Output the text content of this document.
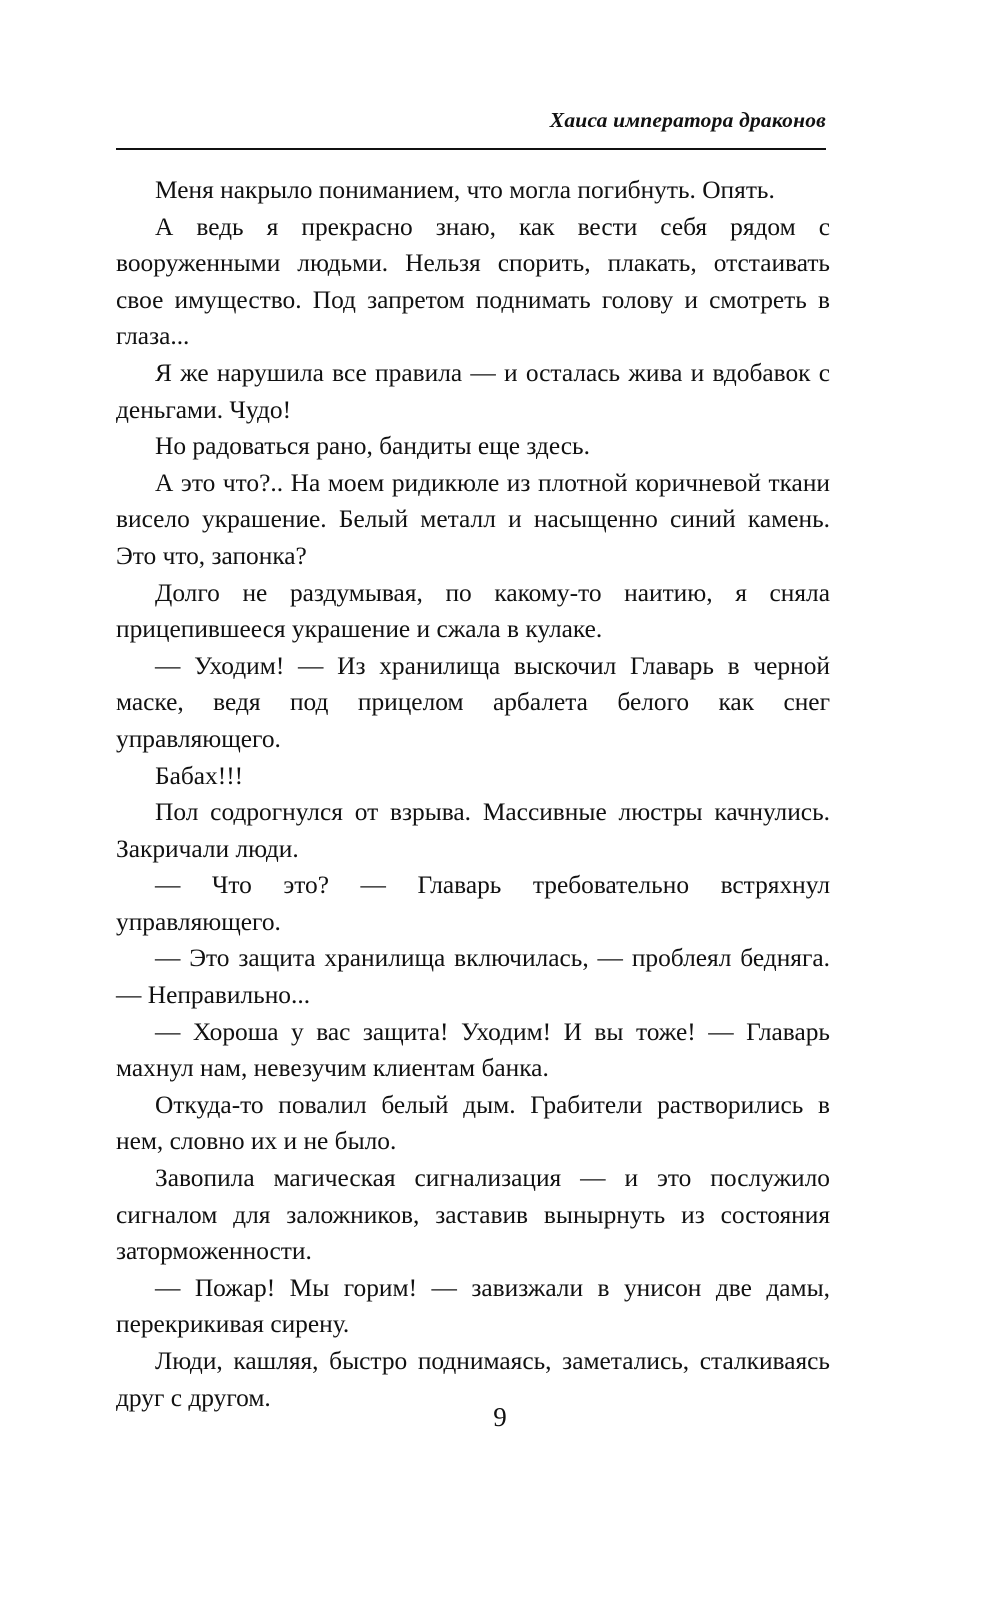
Хаиса императора драконов

Меня накрыло пониманием, что могла погибнуть. Опять.

А ведь я прекрасно знаю, как вести себя рядом с вооруженными людьми. Нельзя спорить, плакать, отстаивать свое имущество. Под запретом поднимать голову и смотреть в глаза...

Я же нарушила все правила — и осталась жива и вдобавок с деньгами. Чудо!

Но радоваться рано, бандиты еще здесь.

А это что?.. На моем ридикюле из плотной коричневой ткани висело украшение. Белый металл и насыщенно синий камень. Это что, запонка?

Долго не раздумывая, по какому-то наитию, я сняла прицепившееся украшение и сжала в кулаке.

— Уходим! — Из хранилища выскочил Главарь в черной маске, ведя под прицелом арбалета белого как снег управляющего.

Бабах!!!

Пол содрогнулся от взрыва. Массивные люстры качнулись. Закричали люди.

— Что это? — Главарь требовательно встряхнул управляющего.

— Это защита хранилища включилась, — проблеял бедняга. — Неправильно...

— Хороша у вас защита! Уходим! И вы тоже! — Главарь махнул нам, невезучим клиентам банка.

Откуда-то повалил белый дым. Грабители растворились в нем, словно их и не было.

Завопила магическая сигнализация — и это послужило сигналом для заложников, заставив вынырнуть из состояния заторможенности.

— Пожар! Мы горим! — завизжали в унисон две дамы, перекрикивая сирену.

Люди, кашляя, быстро поднимаясь, заметались, сталкиваясь друг с другом.

9
